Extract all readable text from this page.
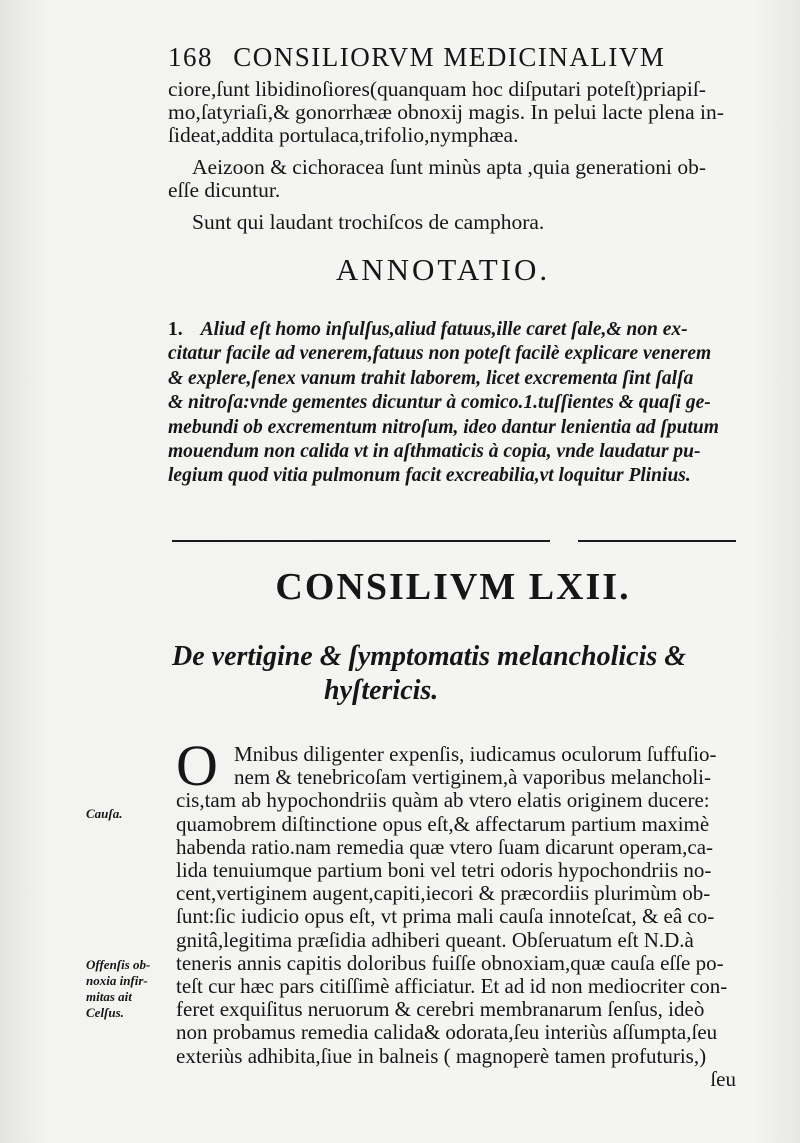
168 CONSILIORVM MEDICINALIVM
ciore,ſunt libidinoſiores(quanquam hoc diſputari poteſt)priapiſ-
mo,ſatyriaſi,& gonorrhææ obnoxij magis. In pelui lacte plena in-
ſideat,addita portulaca,trifolio,nymphæa.
Aeizoon & cichoracea ſunt minùs apta ,quia generationi ob-
eſſe dicuntur.
Sunt qui laudant trochiſcos de camphora.
ANNOTATIO.
1. Aliud eſt homo inſulſus,aliud fatuus,ille caret ſale,& non ex-
citatur facile ad venerem,fatuus non poteſt facilè explicare venerem
& explere,ſenex vanum trahit laborem, licet excrementa ſint ſalſa
& nitroſa:vnde gementes dicuntur à comico.1.tuſſientes & quaſi ge-
mebundi ob excrementum nitroſum, ideo dantur lenientia ad ſputum
mouendum non calida vt in aſthmaticis à copia, vnde laudatur pu-
legium quod vitia pulmonum facit excreabilia,vt loquitur Plinius.
CONSILIVM LXII.
De vertigine & ſymptomatis melancholicis &
hyſtericis.
O Mnibus diligenter expenſis, iudicamus oculorum ſuffuſio-
nem & tenebricoſam vertiginem,à vaporibus melancholi-
cis,tam ab hypochondriis quàm ab vtero elatis originem ducere:
quamobrem diſtinctione opus eſt,& affectarum partium maximè
habenda ratio.nam remedia quæ vtero ſuam dicarunt operam,ca-
lida tenuiumque partium boni vel tetri odoris hypochondriis no-
cent,vertiginem augent,capiti,iecori & præcordiis plurimùm ob-
ſunt:ſic iudicio opus eſt, vt prima mali cauſa innoteſcat, & eâ co-
gnitâ,legitima præſidia adhiberi queant. Obſeruatum eſt N.D.à
teneris annis capitis doloribus fuiſſe obnoxiam,quæ cauſa eſſe po-
teſt cur hæc pars citiſſimè afficiatur. Et ad id non mediocriter con-
feret exquiſitus neruorum & cerebri membranarum ſenſus, ideò
non probamus remedia calida& odorata,ſeu interiùs aſſumpta,ſeu
exteriùs adhibita,ſiue in balneis ( magnoperè tamen profuturis,)
ſeu
Cauſa.
Offenſis ob-
noxia infir-
mitas ait
Celſus.
